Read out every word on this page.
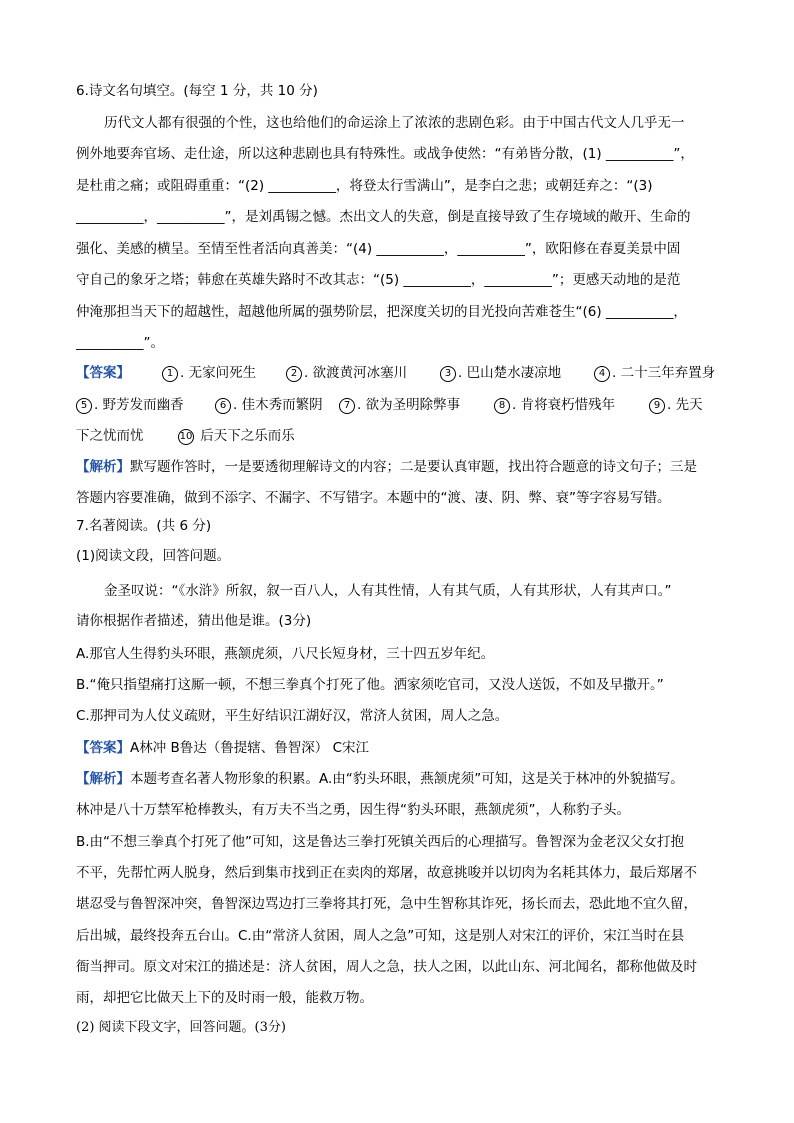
6.诗文名句填空。(每空 1 分，共 10 分)
历代文人都有很强的个性，这也给他们的命运涂上了浓浓的悲剧色彩。由于中国古代文人几乎无一
例外地要奔官场、走仕途，所以这种悲剧也具有特殊性。或战争使然：“有弟皆分散，(1) __________”，
是杜甫之痛；或阻碍重重：“(2) __________，将登太行雪满山”，是李白之悲；或朝廷弃之：“(3)
__________，__________”，是刘禹锡之憾。杰出文人的失意，倒是直接导致了生存境域的敞开、生命的
强化、美感的横呈。至情至性者活向真善美：“(4) __________，__________”，欧阳修在春夏美景中固
守自己的象牙之塔；韩愈在英雄失路时不改其志：“(5) __________，__________”；更感天动地的是范
仲淹那担当天下的超越性，超越他所属的强势阶层，把深度关切的目光投向苦难苍生“(6) __________，
__________”。
【答案】	1 . 无家问死生	2 . 欲渡黄河冰塞川	3 . 巴山楚水凄凉地	4 . 二十三年弃置身
5 . 野芳发而幽香	6 . 佳木秀而繁阴	7 . 欲为圣明除弊事	8 . 肯将衰朽惜残年	9 . 先天
下之忧而忧	10 后天下之乐而乐
【解析】默写题作答时，一是要透彻理解诗文的内容；二是要认真审题，找出符合题意的诗文句子；三是
答题内容要准确，做到不添字、不漏字、不写错字。本题中的“渡、凄、阴、弊、衰”等字容易写错。
7.名著阅读。(共 6 分)
(1)阅读文段，回答问题。
金圣叹说：“《水浒》所叙，叙一百八人，人有其性情，人有其气质，人有其形状，人有其声口。”
请你根据作者描述，猜出他是谁。(3分)
A.那官人生得豹头环眼，燕颔虎须，八尺长短身材，三十四五岁年纪。
B.“俺只指望痛打这厮一顿，不想三拳真个打死了他。洒家须吃官司，又没人送饭，不如及早撒开。”
C.那押司为人仗义疏财，平生好结识江湖好汉，常济人贫困，周人之急。
【答案】A林冲 B鲁达（鲁提辖、鲁智深） C宋江
【解析】本题考查名著人物形象的积累。A.由“豹头环眼，燕颔虎须”可知，这是关于林冲的外貌描写。
林冲是八十万禁军枪棒教头，有万夫不当之勇，因生得“豹头环眼，燕颔虎须”，人称豹子头。
B.由“不想三拳真个打死了他”可知，这是鲁达三拳打死镇关西后的心理描写。鲁智深为金老汉父女打抱
不平，先帮忙两人脱身，然后到集市找到正在卖肉的郑屠，故意挑唆并以切肉为名耗其体力，最后郑屠不
堪忍受与鲁智深冲突，鲁智深边骂边打三拳将其打死，急中生智称其诈死，扬长而去，恐此地不宜久留，
后出城，最终投奔五台山。C.由“常济人贫困，周人之急”可知，这是别人对宋江的评价，宋江当时在县
衙当押司。原文对宋江的描述是：济人贫困，周人之急，扶人之困，以此山东、河北闻名，都称他做及时
雨，却把它比做天上下的及时雨一般，能救万物。
(2) 阅读下段文字，回答问题。(3分)
